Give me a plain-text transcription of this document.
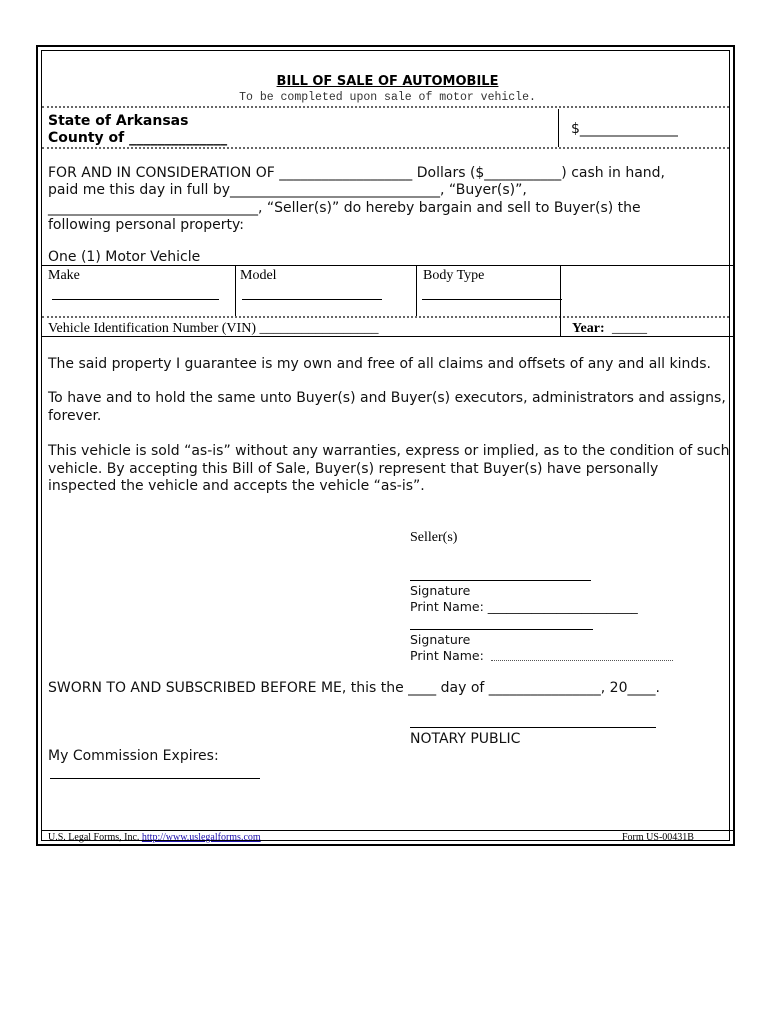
BILL OF SALE OF AUTOMOBILE
To be completed upon sale of motor vehicle.
State of Arkansas
County of ______________
$______________
FOR AND IN CONSIDERATION OF ___________________ Dollars ($___________) cash in hand,
paid me this day in full by______________________________, “Buyer(s)”,
______________________________, “Seller(s)” do hereby bargain and sell to Buyer(s) the
following personal property:
One (1) Motor Vehicle
Make	Model	Body Type
Vehicle Identification Number (VIN) _________________	Year: _____
The said property I guarantee is my own and free of all claims and offsets of any and all kinds.
To have and to hold the same unto Buyer(s) and Buyer(s) executors, administrators and assigns, forever.
This vehicle is sold “as-is” without any warranties, express or implied, as to the condition of such vehicle. By accepting this Bill of Sale, Buyer(s) represent that Buyer(s) have personally inspected the vehicle and accepts the vehicle “as-is”.
Seller(s)
Signature
Print Name: ________________________
Signature
Print Name:
SWORN TO AND SUBSCRIBED BEFORE ME, this the ____ day of ________________, 20____.
NOTARY PUBLIC
My Commission Expires:
U.S. Legal Forms, Inc. http://www.uslegalforms.com	Form US-00431B
